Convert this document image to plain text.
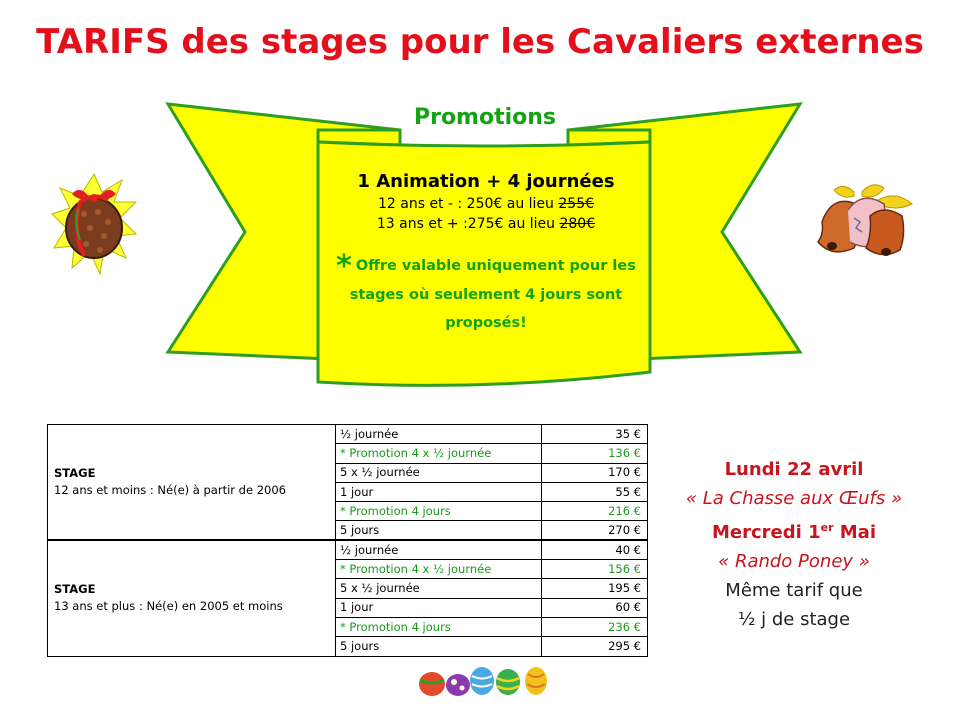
TARIFS des stages pour les Cavaliers externes
Promotions
1 Animation + 4 journées
12 ans et - : 250€ au lieu 255€
13 ans et + :275€ au lieu 280€
* Offre valable uniquement pour les stages où seulement 4 jours sont proposés!
STAGE
12 ans et moins : Né(e) à partir de 2006	½ journée	35 €
	* Promotion 4 x ½ journée	136 €
	5 x ½ journée	170 €
	1 jour	55 €
	* Promotion 4 jours	216 €
	5 jours	270 €

STAGE
13 ans et plus : Né(e) en 2005 et moins	½ journée	40 €
	* Promotion 4 x ½ journée	156 €
	5 x ½ journée	195 €
	1 jour	60 €
	* Promotion 4 jours	236 €
	5 jours	295 €
Lundi 22 avril
« La Chasse aux Œufs »
Mercredi 1er Mai
« Rando Poney »
Même tarif que
½ j de stage
